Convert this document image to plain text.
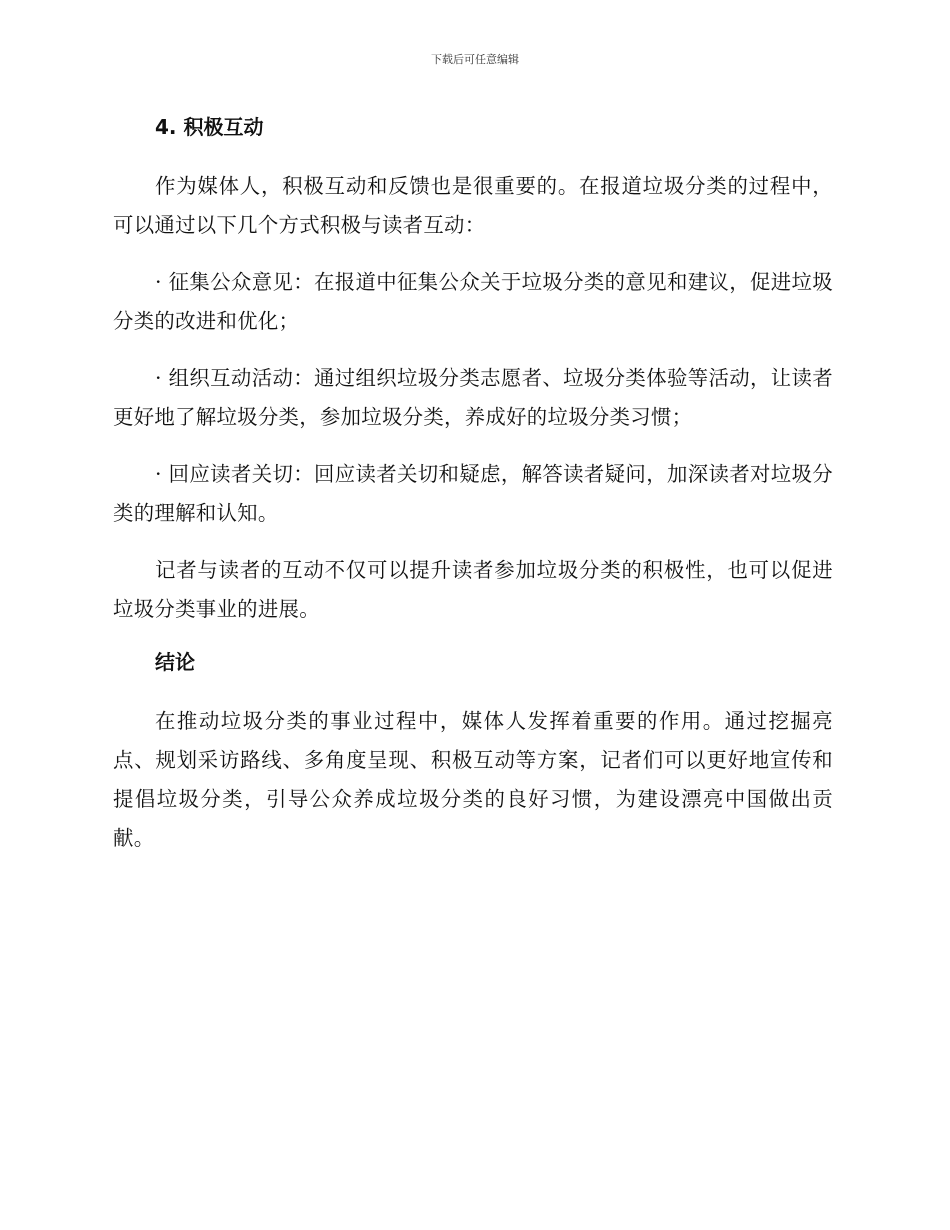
下载后可任意编辑
4. 积极互动

作为媒体人，积极互动和反馈也是很重要的。在报道垃圾分类的过程中，可以通过以下几个方式积极与读者互动：

· 征集公众意见：在报道中征集公众关于垃圾分类的意见和建议，促进垃圾分类的改进和优化；

· 组织互动活动：通过组织垃圾分类志愿者、垃圾分类体验等活动，让读者更好地了解垃圾分类，参加垃圾分类，养成好的垃圾分类习惯；

· 回应读者关切：回应读者关切和疑虑，解答读者疑问，加深读者对垃圾分类的理解和认知。

记者与读者的互动不仅可以提升读者参加垃圾分类的积极性，也可以促进垃圾分类事业的进展。

结论

在推动垃圾分类的事业过程中，媒体人发挥着重要的作用。通过挖掘亮点、规划采访路线、多角度呈现、积极互动等方案，记者们可以更好地宣传和提倡垃圾分类，引导公众养成垃圾分类的良好习惯，为建设漂亮中国做出贡献。
